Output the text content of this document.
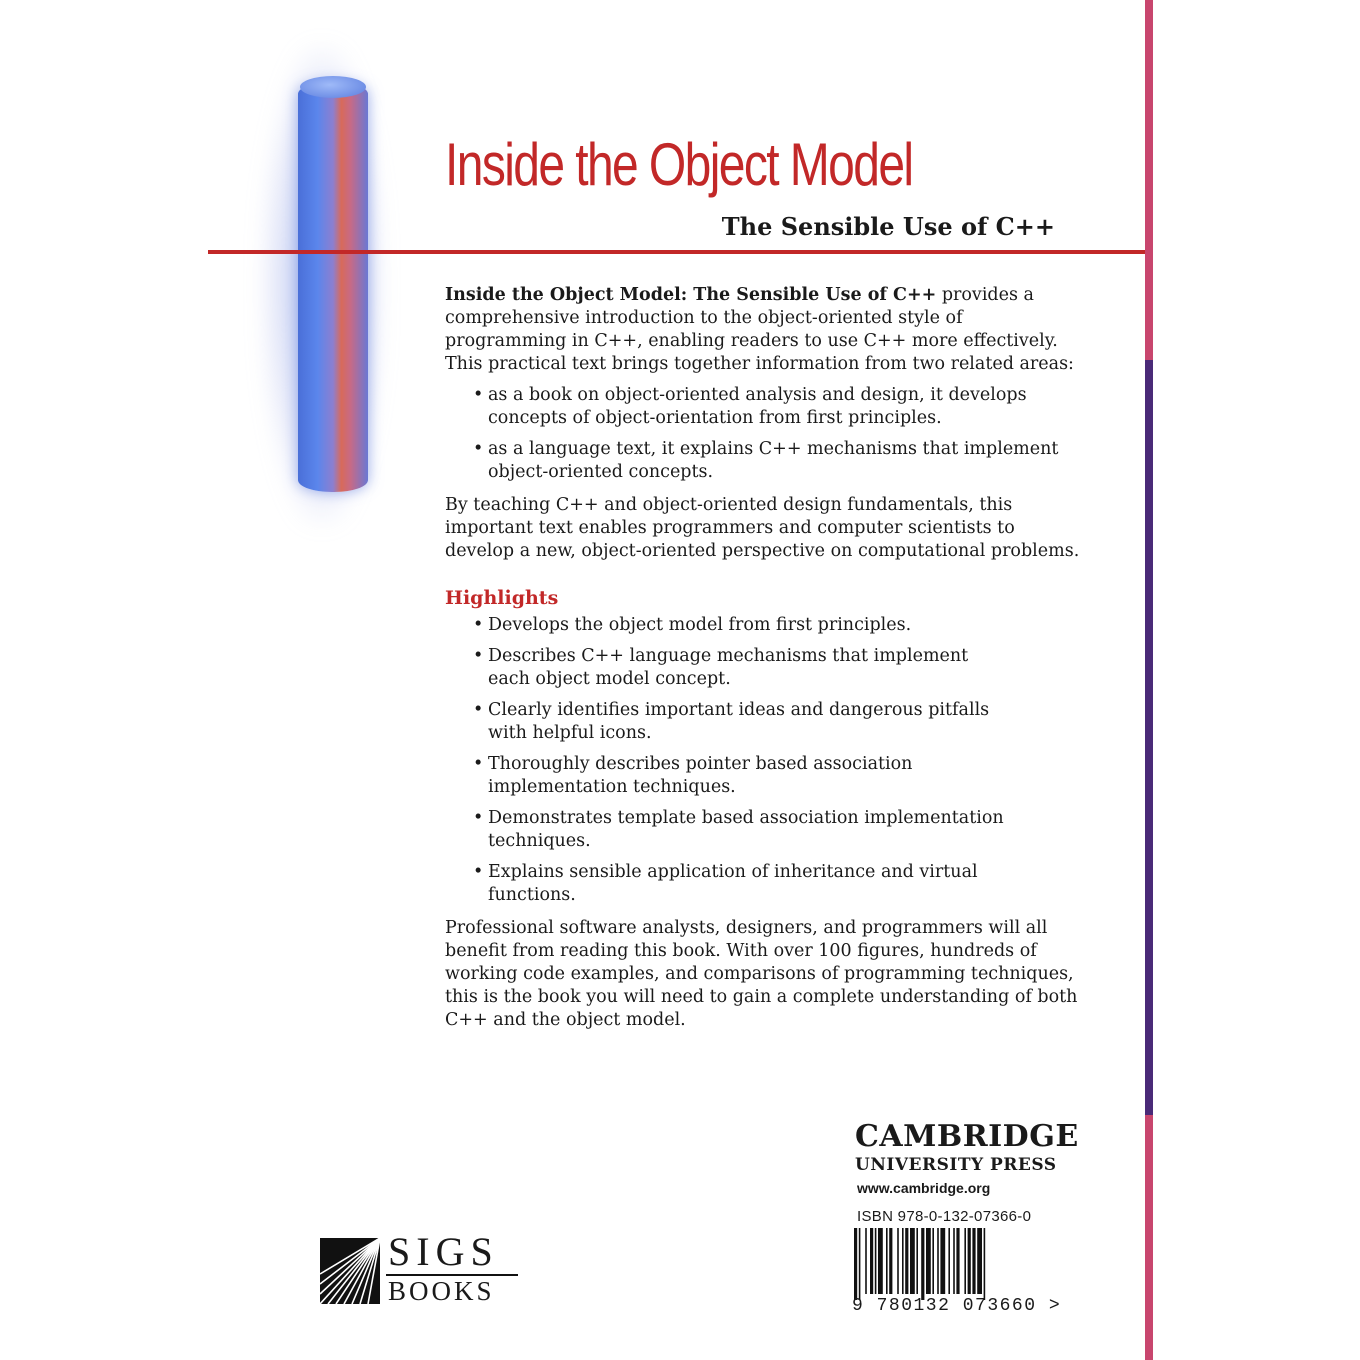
Inside the Object Model
The Sensible Use of C++

Inside the Object Model: The Sensible Use of C++ provides a comprehensive introduction to the object-oriented style of programming in C++, enabling readers to use C++ more effectively. This practical text brings together information from two related areas:

• as a book on object-oriented analysis and design, it develops concepts of object-orientation from first principles.
• as a language text, it explains C++ mechanisms that implement object-oriented concepts.

By teaching C++ and object-oriented design fundamentals, this important text enables programmers and computer scientists to develop a new, object-oriented perspective on computational problems.

Highlights

• Develops the object model from first principles.
• Describes C++ language mechanisms that implement each object model concept.
• Clearly identifies important ideas and dangerous pitfalls with helpful icons.
• Thoroughly describes pointer based association implementation techniques.
• Demonstrates template based association implementation techniques.
• Explains sensible application of inheritance and virtual functions.

Professional software analysts, designers, and programmers will all benefit from reading this book. With over 100 figures, hundreds of working code examples, and comparisons of programming techniques, this is the book you will need to gain a complete understanding of both C++ and the object model.

CAMBRIDGE
UNIVERSITY PRESS
www.cambridge.org
ISBN 978-0-132-07366-0
9 780132 073660 >
SIGS
BOOKS
